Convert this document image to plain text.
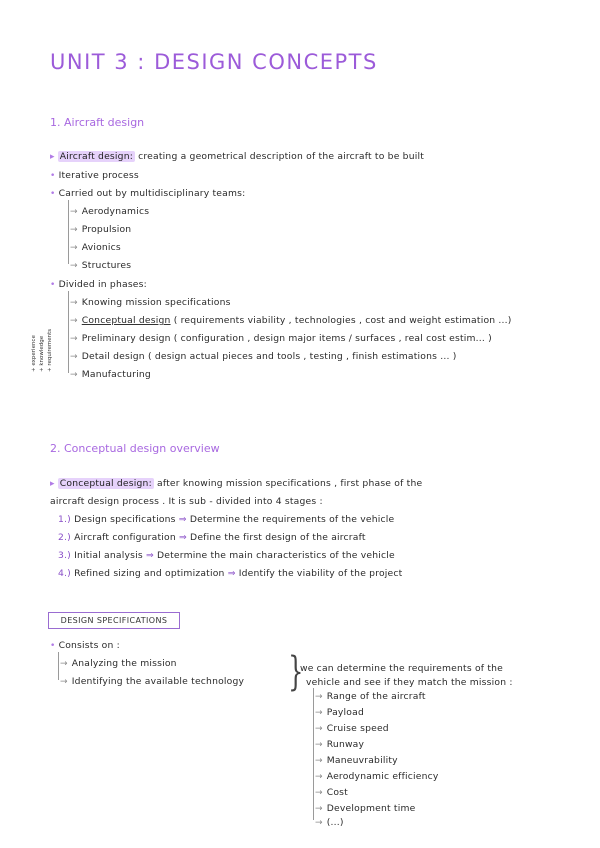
UNIT 3 : DESIGN CONCEPTS
1. Aircraft design
▸ Aircraft design: creating a geometrical description of the aircraft to be built
• Iterative process
• Carried out by multidisciplinary teams:
→ Aerodynamics
→ Propulsion
→ Avionics
→ Structures
• Divided in phases:
→ Knowing mission specifications
→ Conceptual design ( requirements viability , technologies , cost and weight estimation ...)
→ Preliminary design ( configuration , design major items / surfaces , real cost estim... )
→ Detail design ( design actual pieces and tools , testing , finish estimations ... )
→ Manufacturing
+ experience + knowledge + requirements
2. Conceptual design overview
▸ Conceptual design: after knowing mission specifications , first phase of the
aircraft design process . It is sub - divided into 4 stages :
1.) Design specifications ⇒ Determine the requirements of the vehicle
2.) Aircraft configuration ⇒ Define the first design of the aircraft
3.) Initial analysis ⇒ Determine the main characteristics of the vehicle
4.) Refined sizing and optimization ⇒ Identify the viability of the project
DESIGN SPECIFICATIONS
• Consists on :
→ Analyzing the mission
→ Identifying the available technology }
we can determine the requirements of the
vehicle and see if they match the mission :
→ Range of the aircraft
→ Payload
→ Cruise speed
→ Runway
→ Maneuvrability
→ Aerodynamic efficiency
→ Cost
→ Development time
→ (...)
